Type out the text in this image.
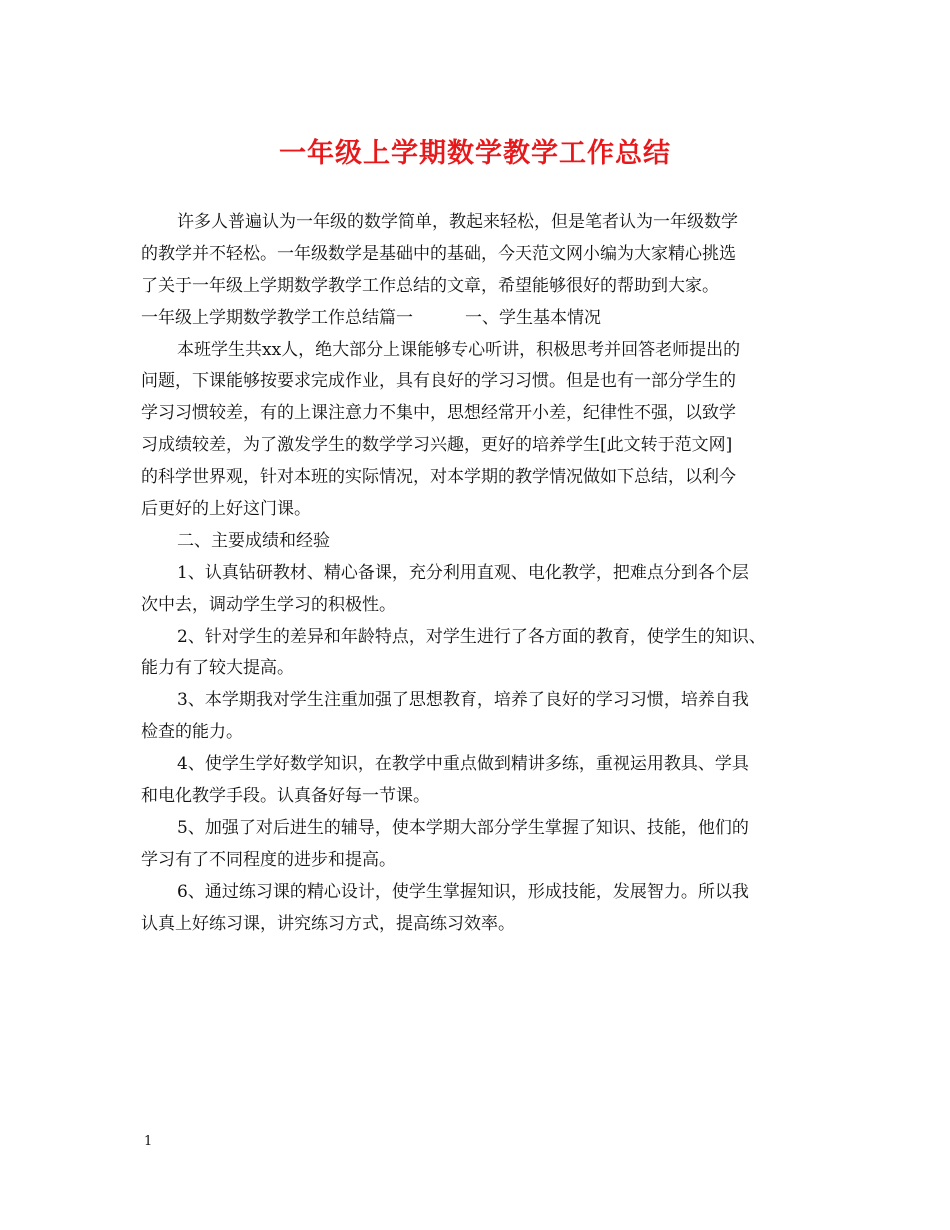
一年级上学期数学教学工作总结
许多人普遍认为一年级的数学简单，教起来轻松，但是笔者认为一年级数学
的教学并不轻松。一年级数学是基础中的基础，今天范文网小编为大家精心挑选
了关于一年级上学期数学教学工作总结的文章，希望能够很好的帮助到大家。
一年级上学期数学教学工作总结篇一	一、学生基本情况
本班学生共xx人，绝大部分上课能够专心听讲，积极思考并回答老师提出的
问题，下课能够按要求完成作业，具有良好的学习习惯。但是也有一部分学生的
学习习惯较差，有的上课注意力不集中，思想经常开小差，纪律性不强，以致学
习成绩较差，为了激发学生的数学学习兴趣，更好的培养学生[此文转于范文网]
的科学世界观，针对本班的实际情况，对本学期的教学情况做如下总结，以利今
后更好的上好这门课。
二、主要成绩和经验
1、认真钻研教材、精心备课，充分利用直观、电化教学，把难点分到各个层
次中去，调动学生学习的积极性。
2、针对学生的差异和年龄特点，对学生进行了各方面的教育，使学生的知识、
能力有了较大提高。
3、本学期我对学生注重加强了思想教育，培养了良好的学习习惯，培养自我
检查的能力。
4、使学生学好数学知识，在教学中重点做到精讲多练，重视运用教具、学具
和电化教学手段。认真备好每一节课。
5、加强了对后进生的辅导，使本学期大部分学生掌握了知识、技能，他们的
学习有了不同程度的进步和提高。
6、通过练习课的精心设计，使学生掌握知识，形成技能，发展智力。所以我
认真上好练习课，讲究练习方式，提高练习效率。
1
